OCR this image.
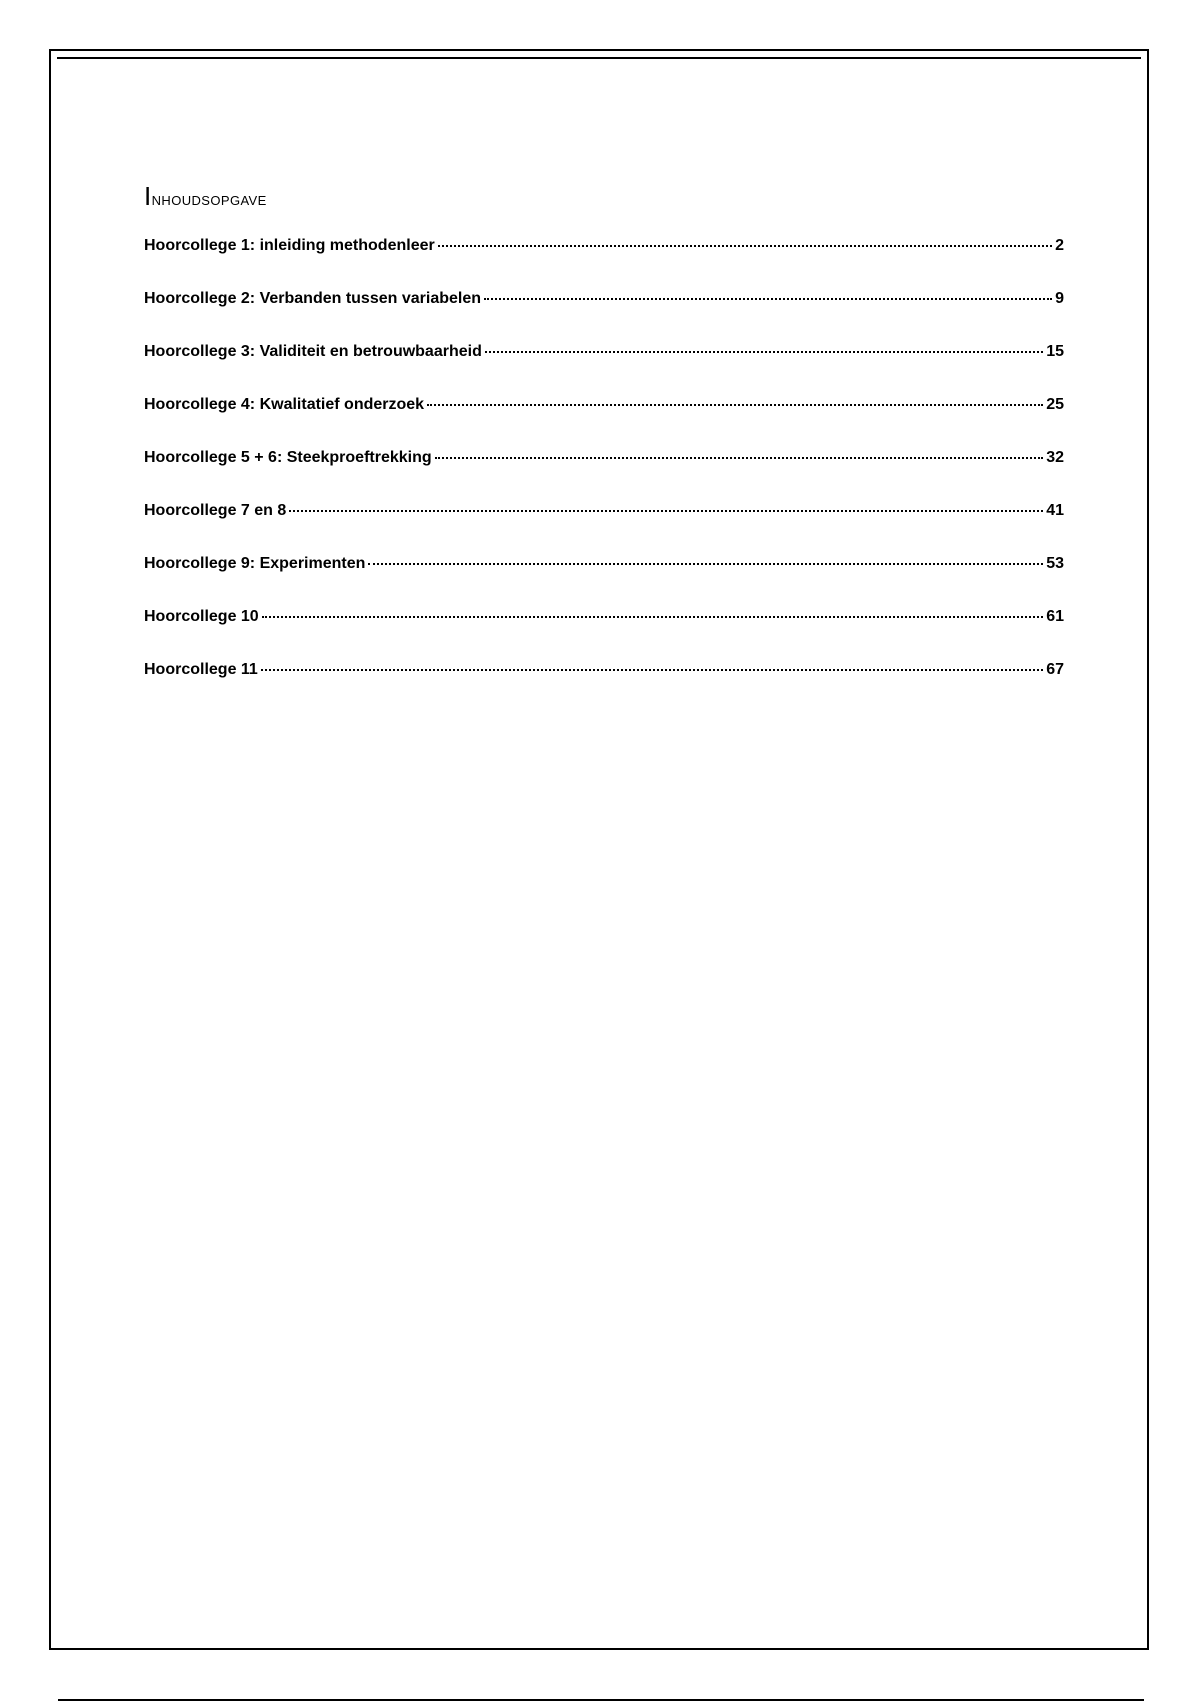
Inhoudsopgave
Hoorcollege 1: inleiding methodenleer	2
Hoorcollege 2: Verbanden tussen variabelen	9
Hoorcollege 3: Validiteit en betrouwbaarheid	15
Hoorcollege 4: Kwalitatief onderzoek	25
Hoorcollege 5 + 6: Steekproeftrekking	32
Hoorcollege 7 en 8	41
Hoorcollege 9: Experimenten	53
Hoorcollege 10	61
Hoorcollege 11	67
